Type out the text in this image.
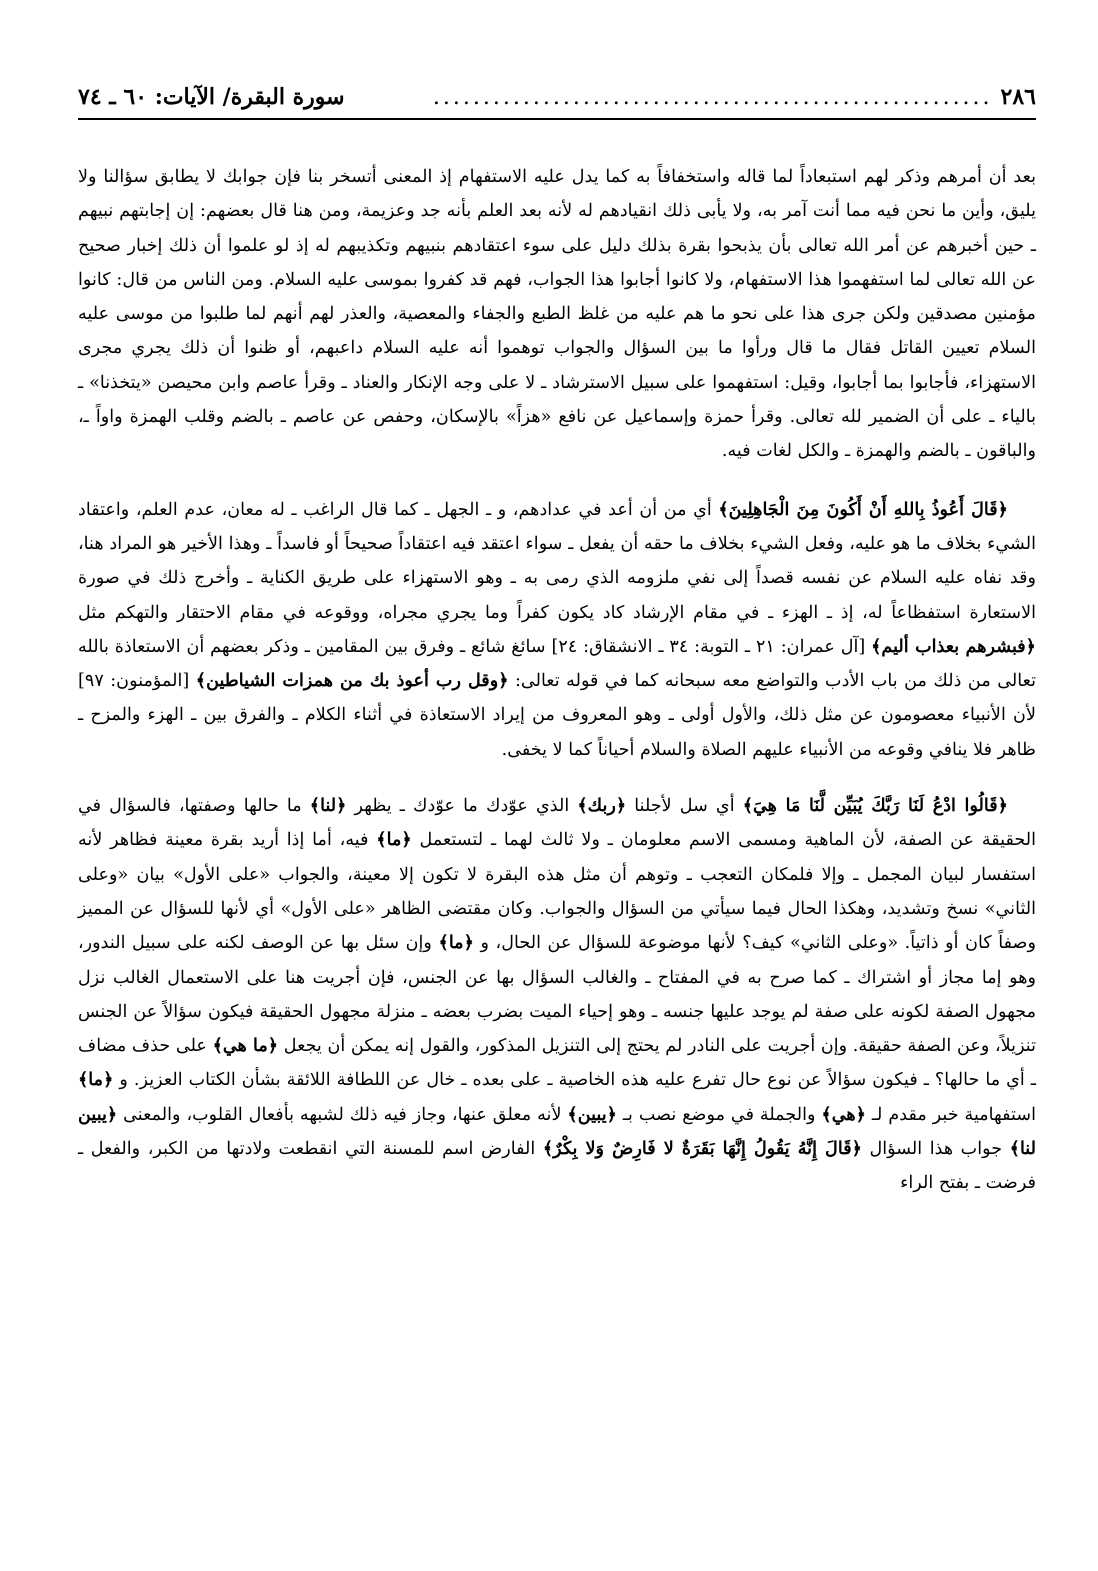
٢٨٦
........................................................
سورة البقرة/ الآيات: ٦٠ ـ ٧٤

بعد أن أمرهم وذكر لهم استبعاداً لما قاله واستخفافاً به كما يدل عليه الاستفهام إذ المعنى أتسخر بنا فإن جوابك لا يطابق سؤالنا ولا يليق، وأين ما نحن فيه مما أنت آمر به، ولا يأبى ذلك انقيادهم له لأنه بعد العلم بأنه جد وعزيمة، ومن هنا قال بعضهم: إن إجابتهم نبيهم ـ حين أخبرهم عن أمر الله تعالى بأن يذبحوا بقرة بذلك دليل على سوء اعتقادهم بنبيهم وتكذيبهم له إذ لو علموا أن ذلك إخبار صحيح عن الله تعالى لما استفهموا هذا الاستفهام، ولا كانوا أجابوا هذا الجواب، فهم قد كفروا بموسى عليه السلام. ومن الناس من قال: كانوا مؤمنين مصدقين ولكن جرى هذا على نحو ما هم عليه من غلظ الطبع والجفاء والمعصية، والعذر لهم أنهم لما طلبوا من موسى عليه السلام تعيين القاتل فقال ما قال ورأوا ما بين السؤال والجواب توهموا أنه عليه السلام داعبهم، أو ظنوا أن ذلك يجري مجرى الاستهزاء، فأجابوا بما أجابوا، وقيل: استفهموا على سبيل الاسترشاد ـ لا على وجه الإنكار والعناد ـ وقرأ عاصم وابن محيصن «يتخذنا» ـ بالياء ـ على أن الضمير لله تعالى. وقرأ حمزة وإسماعيل عن نافع «هزاً» بالإسكان، وحفص عن عاصم ـ بالضم وقلب الهمزة واواً ـ، والباقون ـ بالضم والهمزة ـ والكل لغات فيه.

﴿قَالَ أَعُوذُ بِاللهِ أَنْ أَكُونَ مِنَ الْجَاهِلِينَ﴾ أي من أن أعد في عدادهم، و ـ الجهل ـ كما قال الراغب ـ له معان، عدم العلم، واعتقاد الشيء بخلاف ما هو عليه، وفعل الشيء بخلاف ما حقه أن يفعل ـ سواء اعتقد فيه اعتقاداً صحيحاً أو فاسداً ـ وهذا الأخير هو المراد هنا، وقد نفاه عليه السلام عن نفسه قصداً إلى نفي ملزومه الذي رمى به ـ وهو الاستهزاء على طريق الكناية ـ وأخرج ذلك في صورة الاستعارة استفظاعاً له، إذ ـ الهزء ـ في مقام الإرشاد كاد يكون كفراً وما يجري مجراه، ووقوعه في مقام الاحتقار والتهكم مثل ﴿فبشرهم بعذاب أليم﴾ [آل عمران: ٢١ ـ التوبة: ٣٤ ـ الانشقاق: ٢٤] سائغ شائع ـ وفرق بين المقامين ـ وذكر بعضهم أن الاستعاذة بالله تعالى من ذلك من باب الأدب والتواضع معه سبحانه كما في قوله تعالى: ﴿وقل رب أعوذ بك من همزات الشياطين﴾ [المؤمنون: ٩٧] لأن الأنبياء معصومون عن مثل ذلك، والأول أولى ـ وهو المعروف من إيراد الاستعاذة في أثناء الكلام ـ والفرق بين ـ الهزء والمزح ـ ظاهر فلا ينافي وقوعه من الأنبياء عليهم الصلاة والسلام أحياناً كما لا يخفى.

﴿قَالُوا ادْعُ لَنَا رَبَّكَ يُبَيِّن لَّنَا مَا هِيَ﴾ أي سل لأجلنا ﴿ربك﴾ الذي عوّدك ما عوّدك ـ يظهر ﴿لنا﴾ ما حالها وصفتها، فالسؤال في الحقيقة عن الصفة، لأن الماهية ومسمى الاسم معلومان ـ ولا ثالث لهما ـ لتستعمل ﴿ما﴾ فيه، أما إذا أريد بقرة معينة فظاهر لأنه استفسار لبيان المجمل ـ وإلا فلمكان التعجب ـ وتوهم أن مثل هذه البقرة لا تكون إلا معينة، والجواب «على الأول» بيان «وعلى الثاني» نسخ وتشديد، وهكذا الحال فيما سيأتي من السؤال والجواب. وكان مقتضى الظاهر «على الأول» أي لأنها للسؤال عن المميز وصفاً كان أو ذاتياً. «وعلى الثاني» كيف؟ لأنها موضوعة للسؤال عن الحال، و ﴿ما﴾ وإن سئل بها عن الوصف لكنه على سبيل الندور، وهو إما مجاز أو اشتراك ـ كما صرح به في المفتاح ـ والغالب السؤال بها عن الجنس، فإن أجريت هنا على الاستعمال الغالب نزل مجهول الصفة لكونه على صفة لم يوجد عليها جنسه ـ وهو إحياء الميت بضرب بعضه ـ منزلة مجهول الحقيقة فيكون سؤالاً عن الجنس تنزيلاً، وعن الصفة حقيقة. وإن أجريت على النادر لم يحتج إلى التنزيل المذكور، والقول إنه يمكن أن يجعل ﴿ما هي﴾ على حذف مضاف ـ أي ما حالها؟ ـ فيكون سؤالاً عن نوع حال تفرع عليه هذه الخاصية ـ على بعده ـ خال عن اللطافة اللائقة بشأن الكتاب العزيز. و ﴿ما﴾ استفهامية خبر مقدم لـ ﴿هي﴾ والجملة في موضع نصب بـ ﴿يبين﴾ لأنه معلق عنها، وجاز فيه ذلك لشبهه بأفعال القلوب، والمعنى ﴿يبين لنا﴾ جواب هذا السؤال ﴿قَالَ إِنَّهُ يَقُولُ إِنَّهَا بَقَرَةٌ لا فَارِضٌ وَلا بِكْرٌ﴾ الفارض اسم للمسنة التي انقطعت ولادتها من الكبر، والفعل ـ فرضت ـ بفتح الراء
